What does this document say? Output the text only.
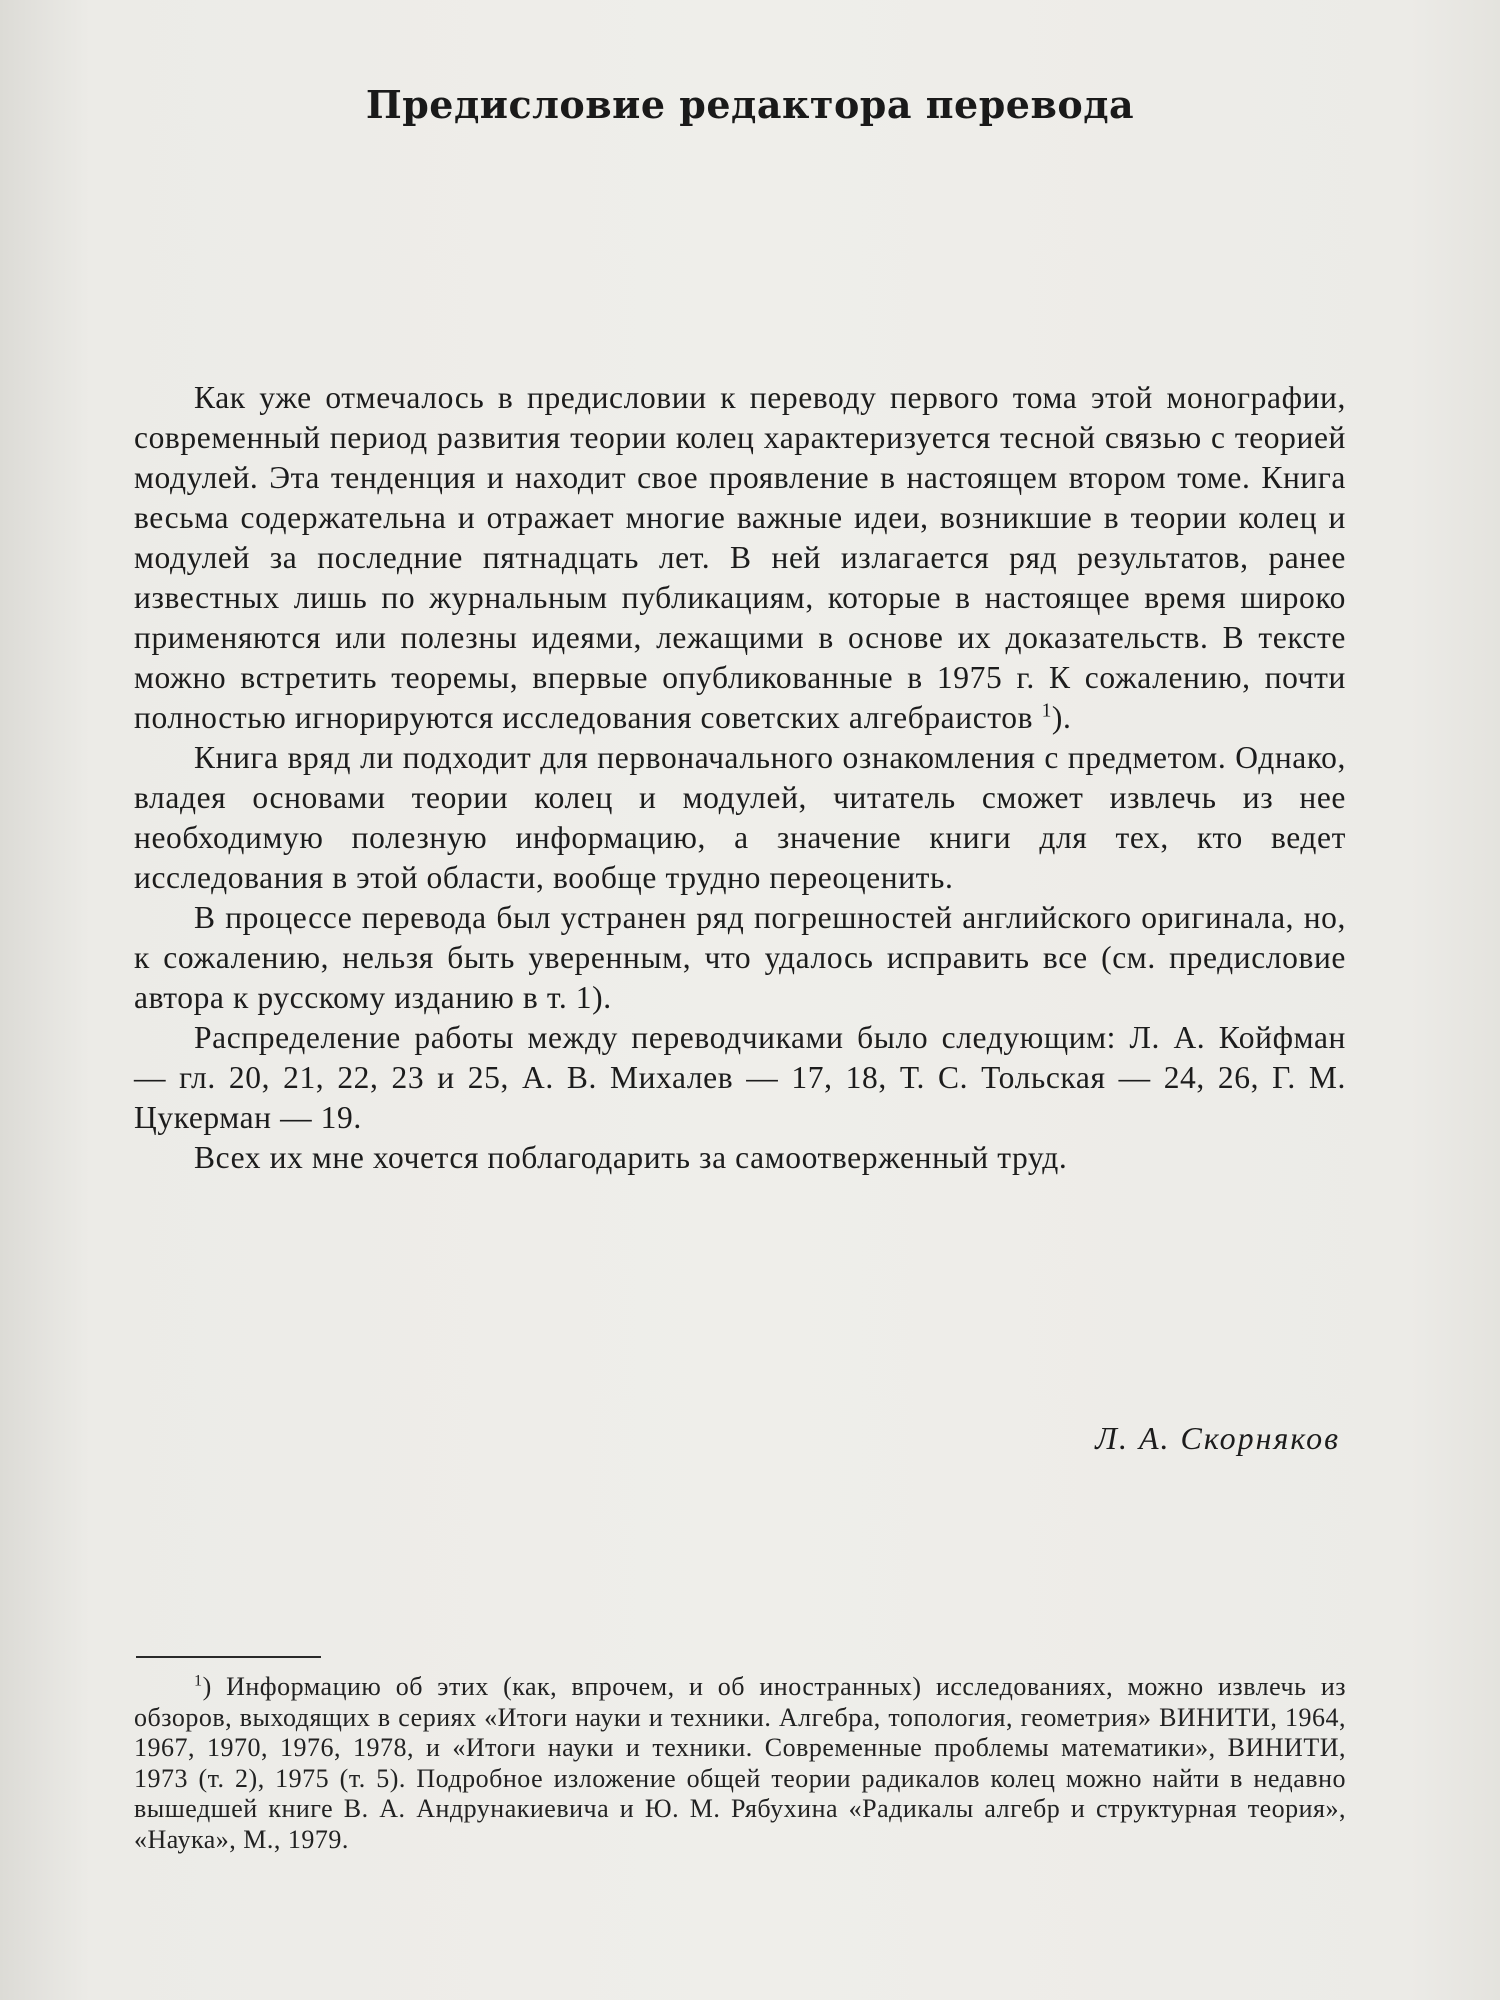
Предисловие редактора перевода

Как уже отмечалось в предисловии к переводу первого тома этой монографии, современный период развития теории колец характеризуется тесной связью с теорией модулей. Эта тенденция и находит свое проявление в настоящем втором томе. Книга весьма содержательна и отражает многие важные идеи, возникшие в теории колец и модулей за последние пятнадцать лет. В ней излагается ряд результатов, ранее известных лишь по журнальным публикациям, которые в настоящее время широко применяются или полезны идеями, лежащими в основе их доказательств. В тексте можно встретить теоремы, впервые опубликованные в 1975 г. К сожалению, почти полностью игнорируются исследования советских алгебраистов $^1$).

Книга вряд ли подходит для первоначального ознакомления с предметом. Однако, владея основами теории колец и модулей, читатель сможет извлечь из нее необходимую полезную информацию, а значение книги для тех, кто ведет исследования в этой области, вообще трудно переоценить.

В процессе перевода был устранен ряд погрешностей английского оригинала, но, к сожалению, нельзя быть уверенным, что удалось исправить все (см. предисловие автора к русскому изданию в т. 1).

Распределение работы между переводчиками было следующим: Л. А. Койфман — гл. 20, 21, 22, 23 и 25, А. В. Михалев — 17, 18, Т. С. Тольская — 24, 26, Г. М. Цукерман — 19.

Всех их мне хочется поблагодарить за самоотверженный труд.

Л. А. Скорняков

$^1$) Информацию об этих (как, впрочем, и об иностранных) исследованиях, можно извлечь из обзоров, выходящих в сериях «Итоги науки и техники. Алгебра, топология, геометрия» ВИНИТИ, 1964, 1967, 1970, 1976, 1978, и «Итоги науки и техники. Современные проблемы математики», ВИНИТИ, 1973 (т. 2), 1975 (т. 5). Подробное изложение общей теории радикалов колец можно найти в недавно вышедшей книге В. А. Андрунакиевича и Ю. М. Рябухина «Радикалы алгебр и структурная теория», «Наука», М., 1979.
